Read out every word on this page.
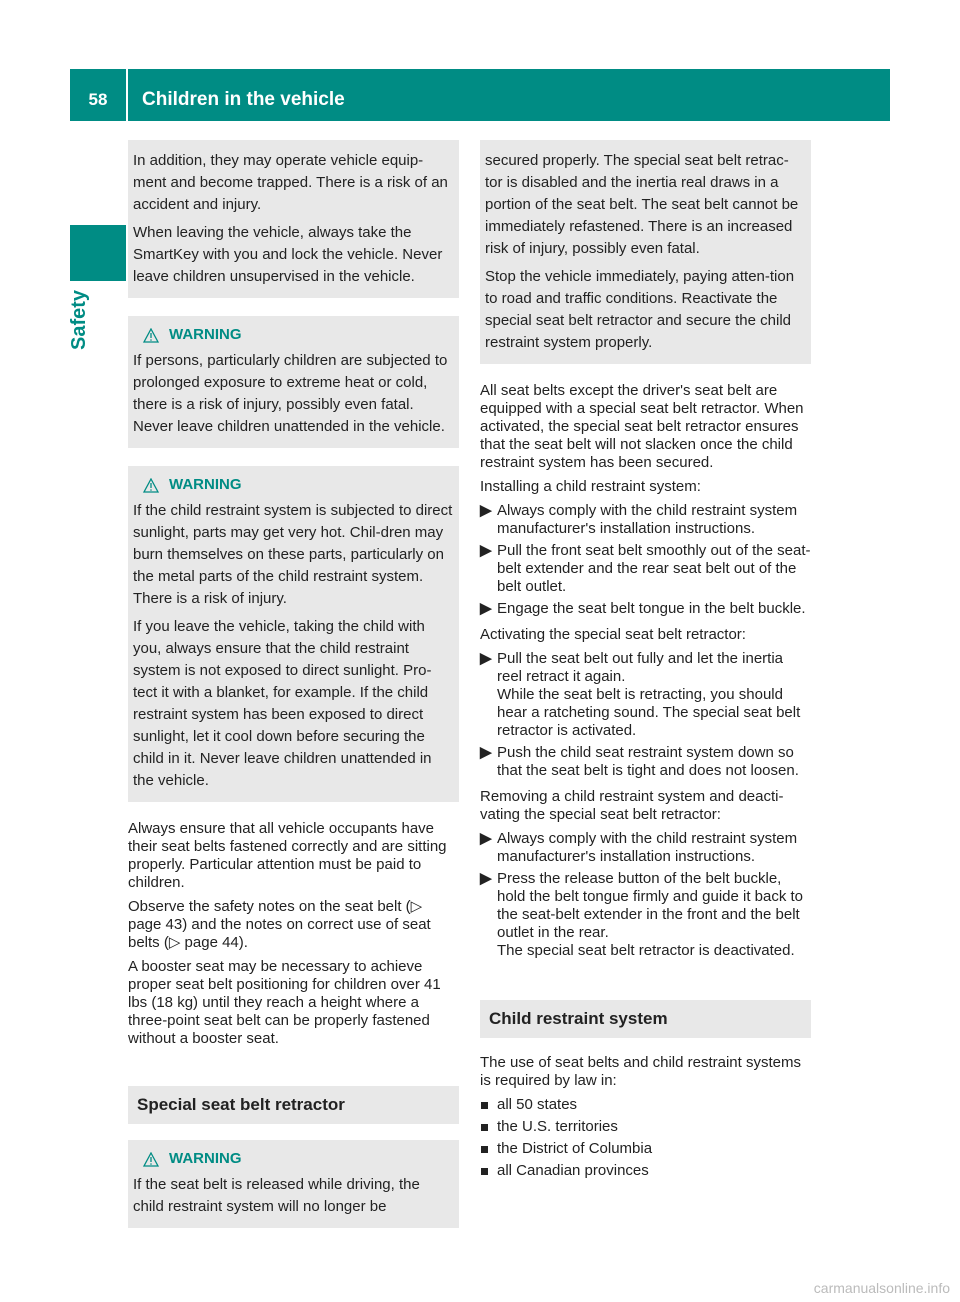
58	Children in the vehicle
Safety

In addition, they may operate vehicle equip-ment and become trapped. There is a risk of an accident and injury.

When leaving the vehicle, always take the SmartKey with you and lock the vehicle. Never leave children unsupervised in the vehicle.

WARNING

If persons, particularly children are subjected to prolonged exposure to extreme heat or cold, there is a risk of injury, possibly even fatal. Never leave children unattended in the vehicle.

WARNING

If the child restraint system is subjected to direct sunlight, parts may get very hot. Chil-dren may burn themselves on these parts, particularly on the metal parts of the child restraint system. There is a risk of injury.

If you leave the vehicle, taking the child with you, always ensure that the child restraint system is not exposed to direct sunlight. Pro-tect it with a blanket, for example. If the child restraint system has been exposed to direct sunlight, let it cool down before securing the child in it. Never leave children unattended in the vehicle.

Always ensure that all vehicle occupants have their seat belts fastened correctly and are sitting properly. Particular attention must be paid to children.

Observe the safety notes on the seat belt (▷ page 43) and the notes on correct use of seat belts (▷ page 44).

A booster seat may be necessary to achieve proper seat belt positioning for children over 41 lbs (18 kg) until they reach a height where a three-point seat belt can be properly fastened without a booster seat.

Special seat belt retractor
WARNING

If the seat belt is released while driving, the child restraint system will no longer be

secured properly. The special seat belt retrac-tor is disabled and the inertia real draws in a portion of the seat belt. The seat belt cannot be immediately refastened. There is an increased risk of injury, possibly even fatal.

Stop the vehicle immediately, paying atten-tion to road and traffic conditions. Reactivate the special seat belt retractor and secure the child restraint system properly.

All seat belts except the driver's seat belt are equipped with a special seat belt retractor. When activated, the special seat belt retractor ensures that the seat belt will not slacken once the child restraint system has been secured.

Installing a child restraint system:

▶ Always comply with the child restraint system manufacturer's installation instructions.
▶ Pull the front seat belt smoothly out of the seat-belt extender and the rear seat belt out of the belt outlet.
▶ Engage the seat belt tongue in the belt buckle.

Activating the special seat belt retractor:

▶ Pull the seat belt out fully and let the inertia reel retract it again.
While the seat belt is retracting, you should hear a ratcheting sound. The special seat belt retractor is activated.
▶ Push the child seat restraint system down so that the seat belt is tight and does not loosen.

Removing a child restraint system and deacti-vating the special seat belt retractor:

▶ Always comply with the child restraint system manufacturer's installation instructions.
▶ Press the release button of the belt buckle, hold the belt tongue firmly and guide it back to the seat-belt extender in the front and the belt outlet in the rear.
The special seat belt retractor is deactivated.
Child restraint system

The use of seat belts and child restraint systems is required by law in:

all 50 states
the U.S. territories
the District of Columbia
all Canadian provinces
carmanualsonline.info
